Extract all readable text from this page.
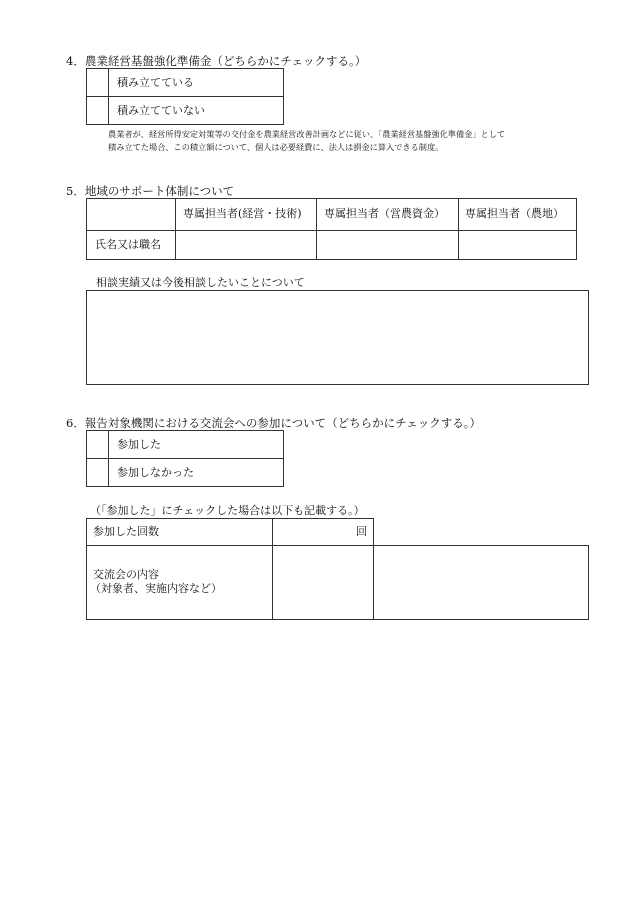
4．農業経営基盤強化準備金（どちらかにチェックする。）
積み立てている
積み立てていない
農業者が、経営所得安定対策等の交付金を農業経営改善計画などに従い、「農業経営基盤強化準備金」として
積み立てた場合、この積立額について、個人は必要経費に、法人は損金に算入できる制度。
5．地域のサポート体制について
専属担当者(経営・技術) 専属担当者（営農資金） 専属担当者（農地）
氏名又は職名
相談実績又は今後相談したいことについて
6．報告対象機関における交流会への参加について（どちらかにチェックする。）
参加した
参加しなかった
（「参加した」にチェックした場合は以下も記載する。）
参加した回数	回
交流会の内容
（対象者、実施内容など）
